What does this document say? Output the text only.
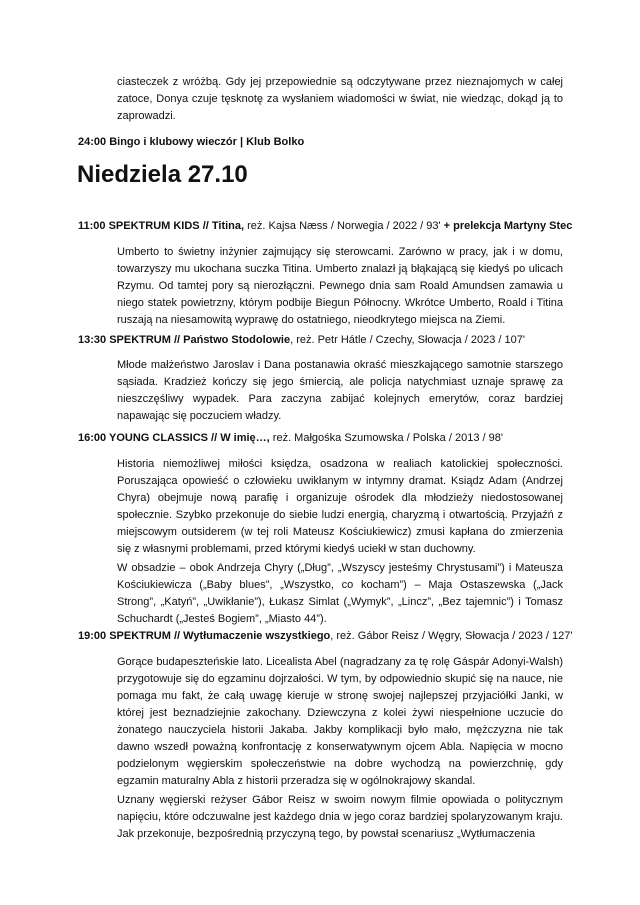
ciasteczek z wróżbą. Gdy jej przepowiednie są odczytywane przez nieznajomych w całej zatoce, Donya czuje tęsknotę za wysłaniem wiadomości w świat, nie wiedząc, dokąd ją to zaprowadzi.

24:00 Bingo i klubowy wieczór | Klub Bolko

Niedziela 27.10

11:00 SPEKTRUM KIDS // Titina, reż. Kajsa Næss / Norwegia / 2022 / 93' + prelekcja Martyny Stec

Umberto to świetny inżynier zajmujący się sterowcami. Zarówno w pracy, jak i w domu, towarzyszy mu ukochana suczka Titina. Umberto znalazł ją błąkającą się kiedyś po ulicach Rzymu. Od tamtej pory są nierozłączni. Pewnego dnia sam Roald Amundsen zamawia u niego statek powietrzny, którym podbije Biegun Północny. Wkrótce Umberto, Roald i Titina ruszają na niesamowitą wyprawę do ostatniego, nieodkrytego miejsca na Ziemi.

13:30 SPEKTRUM // Państwo Stodolowie, reż. Petr Hátle / Czechy, Słowacja / 2023 / 107'

Młode małżeństwo Jaroslav i Dana postanawia okraść mieszkającego samotnie starszego sąsiada. Kradzież kończy się jego śmiercią, ale policja natychmiast uznaje sprawę za nieszczęśliwy wypadek. Para zaczyna zabijać kolejnych emerytów, coraz bardziej napawając się poczuciem władzy.

16:00 YOUNG CLASSICS // W imię…, reż. Małgośka Szumowska / Polska / 2013 / 98'

Historia niemożliwej miłości księdza, osadzona w realiach katolickiej społeczności. Poruszająca opowieść o człowieku uwikłanym w intymny dramat. Ksiądz Adam (Andrzej Chyra) obejmuje nową parafię i organizuje ośrodek dla młodzieży niedostosowanej społecznie. Szybko przekonuje do siebie ludzi energią, charyzmą i otwartością. Przyjaźń z miejscowym outsiderem (w tej roli Mateusz Kościukiewicz) zmusi kapłana do zmierzenia się z własnymi problemami, przed którymi kiedyś uciekł w stan duchowny.

W obsadzie – obok Andrzeja Chyry („Dług”, „Wszyscy jesteśmy Chrystusami”) i Mateusza Kościukiewicza („Baby blues”, „Wszystko, co kocham”) – Maja Ostaszewska („Jack Strong”, „Katyń”, „Uwikłanie”), Łukasz Simlat („Wymyk”, „Lincz”, „Bez tajemnic”) i Tomasz Schuchardt („Jesteś Bogiem”, „Miasto 44”).

19:00 SPEKTRUM // Wytłumaczenie wszystkiego, reż. Gábor Reisz / Węgry, Słowacja / 2023 / 127'

Gorące budapeszteńskie lato. Licealista Abel (nagradzany za tę rolę Gáspár Adonyi-Walsh) przygotowuje się do egzaminu dojrzałości. W tym, by odpowiednio skupić się na nauce, nie pomaga mu fakt, że całą uwagę kieruje w stronę swojej najlepszej przyjaciółki Janki, w której jest beznadziejnie zakochany. Dziewczyna z kolei żywi niespełnione uczucie do żonatego nauczyciela historii Jakaba. Jakby komplikacji było mało, mężczyzna nie tak dawno wszedł poważną konfrontację z konserwatywnym ojcem Abla. Napięcia w mocno podzielonym węgierskim społeczeństwie na dobre wychodzą na powierzchnię, gdy egzamin maturalny Abla z historii przeradza się w ogólnokrajowy skandal.

Uznany węgierski reżyser Gábor Reisz w swoim nowym filmie opowiada o politycznym napięciu, które odczuwalne jest każdego dnia w jego coraz bardziej spolaryzowanym kraju. Jak przekonuje, bezpośrednią przyczyną tego, by powstał scenariusz „Wytłumaczenia
